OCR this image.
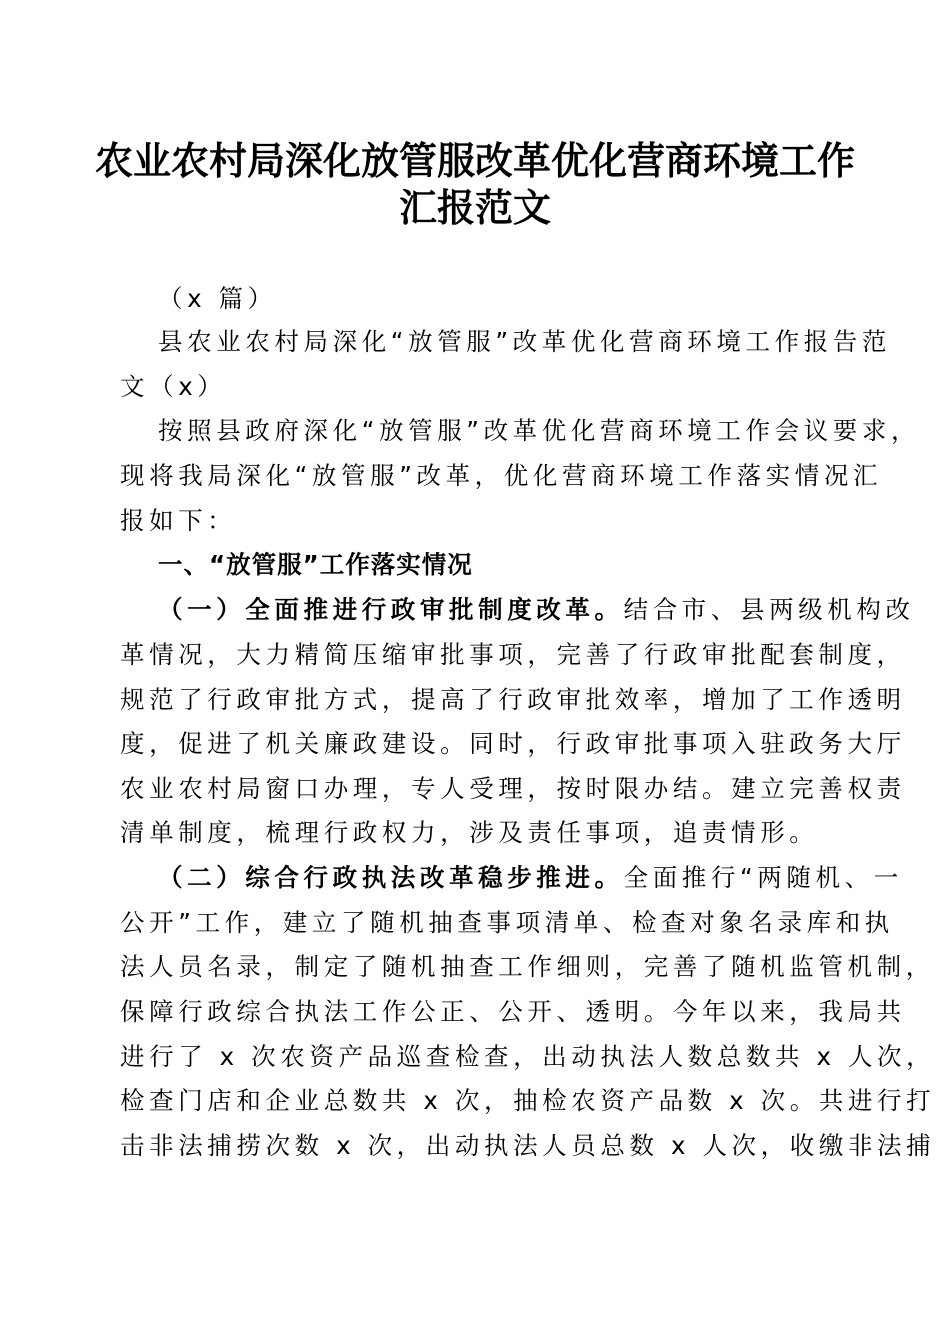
农业农村局深化放管服改革优化营商环境工作
汇报范文
（x 篇）
县农业农村局深化“放管服”改革优化营商环境工作报告范
文（x）
按照县政府深化“放管服”改革优化营商环境工作会议要求，
现将我局深化“放管服”改革，优化营商环境工作落实情况汇
报如下：
一、“放管服”工作落实情况
（一）全面推进行政审批制度改革。结合市、县两级机构改
革情况，大力精简压缩审批事项，完善了行政审批配套制度，
规范了行政审批方式，提高了行政审批效率，增加了工作透明
度，促进了机关廉政建设。同时，行政审批事项入驻政务大厅
农业农村局窗口办理，专人受理，按时限办结。建立完善权责
清单制度，梳理行政权力，涉及责任事项，追责情形。
（二）综合行政执法改革稳步推进。全面推行“两随机、一
公开”工作，建立了随机抽查事项清单、检查对象名录库和执
法人员名录，制定了随机抽查工作细则，完善了随机监管机制，
保障行政综合执法工作公正、公开、透明。今年以来，我局共
进行了 x 次农资产品巡查检查，出动执法人数总数共 x 人次，
检查门店和企业总数共 x 次，抽检农资产品数 x 次。共进行打
击非法捕捞次数 x 次，出动执法人员总数 x 人次，收缴非法捕
